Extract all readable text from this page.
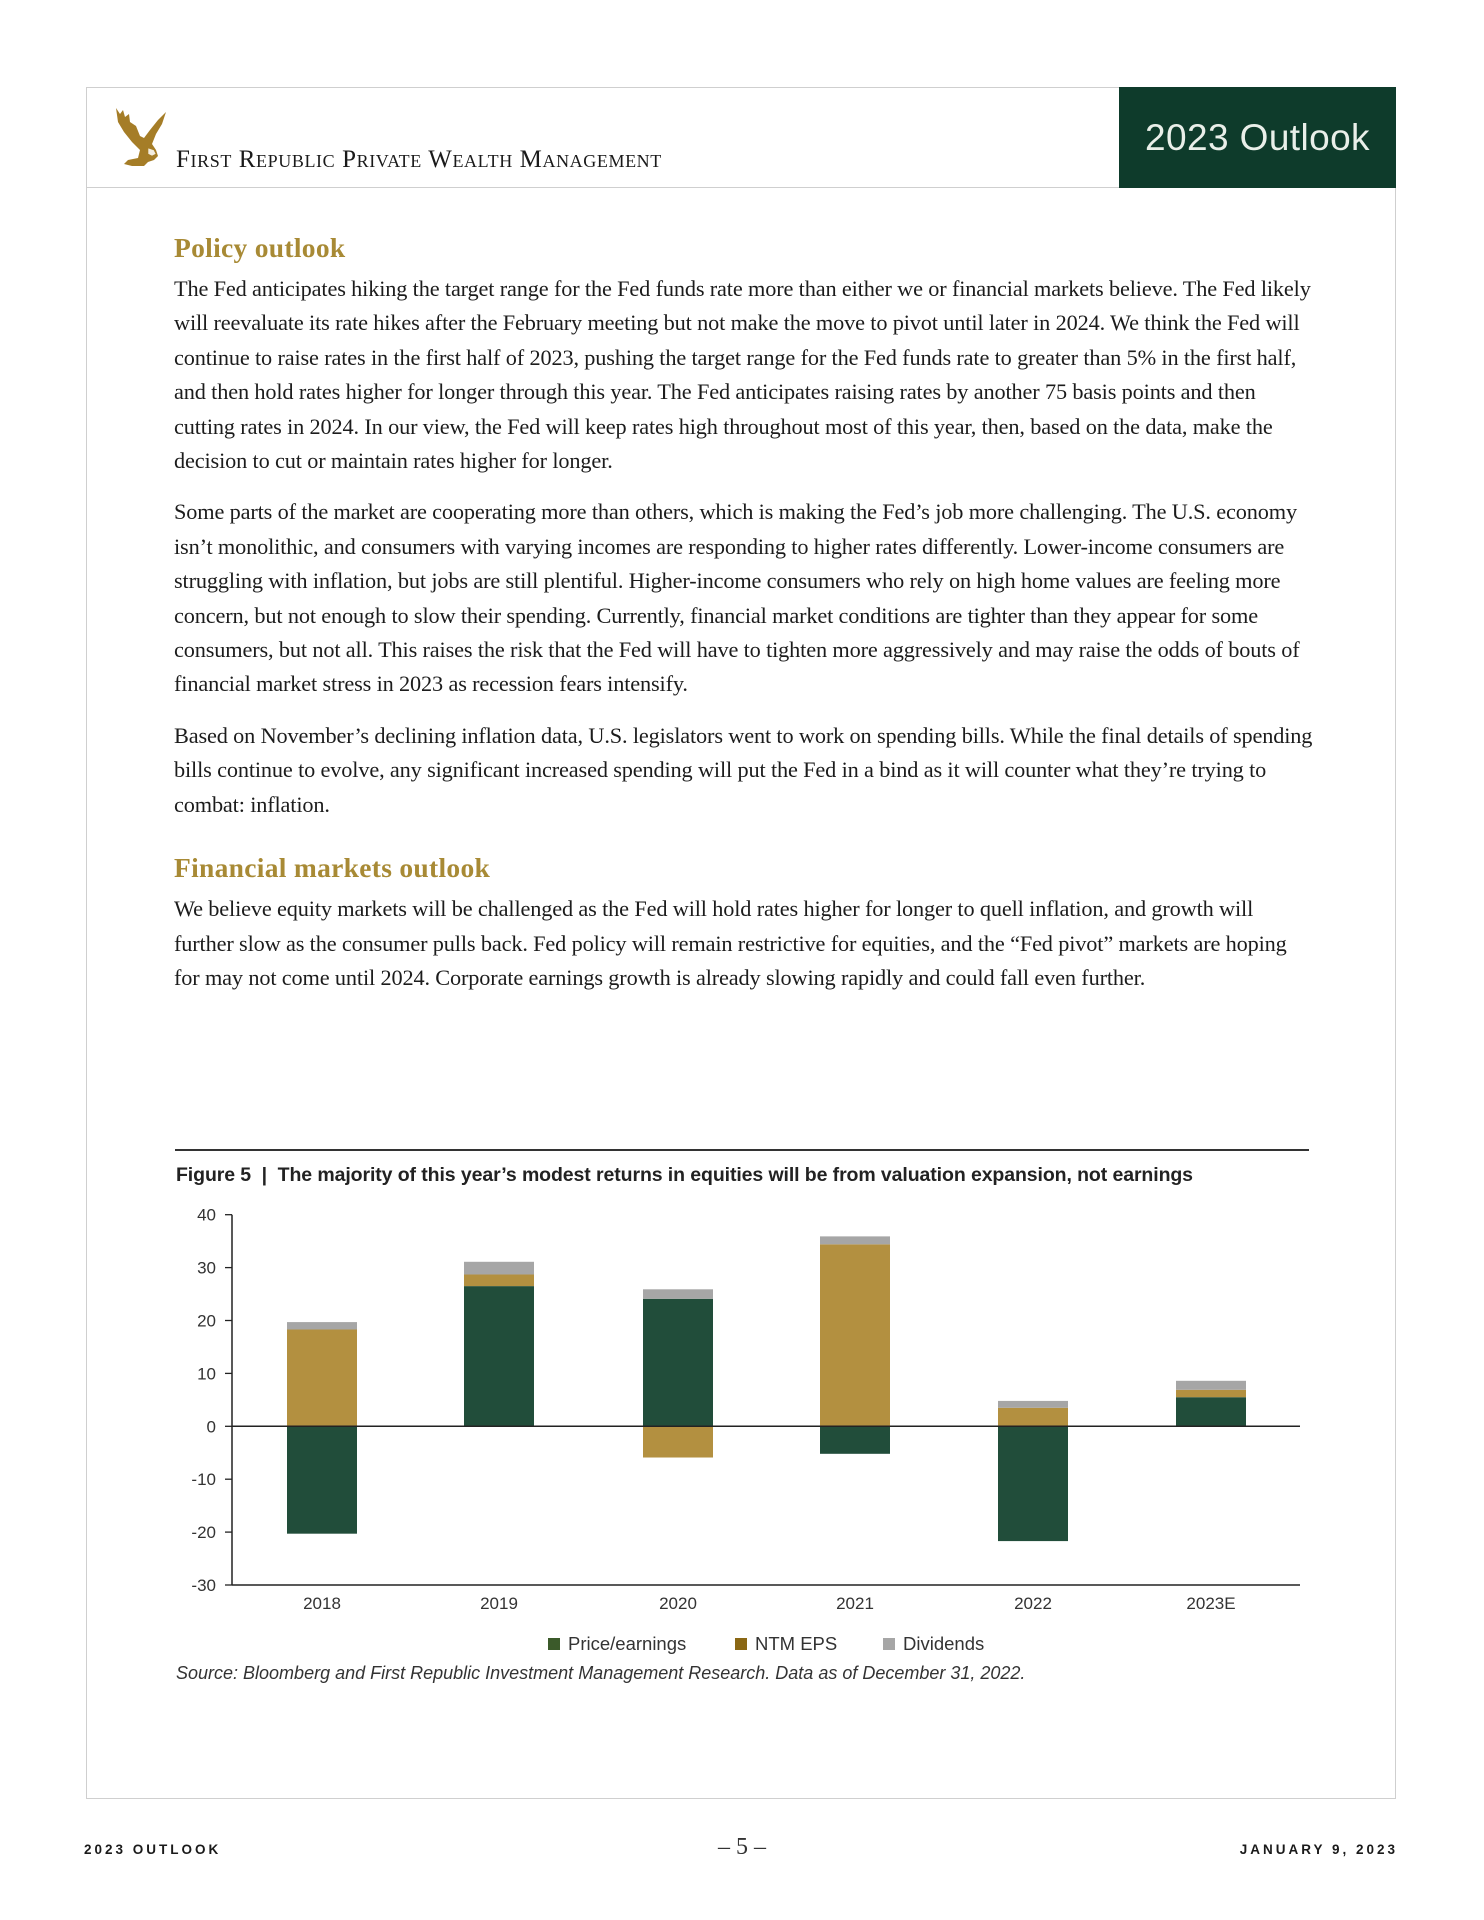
First Republic Private Wealth Management
2023 Outlook
Policy outlook

The Fed anticipates hiking the target range for the Fed funds rate more than either we or financial markets believe. The Fed likely will reevaluate its rate hikes after the February meeting but not make the move to pivot until later in 2024. We think the Fed will continue to raise rates in the first half of 2023, pushing the target range for the Fed funds rate to greater than 5% in the first half, and then hold rates higher for longer through this year. The Fed anticipates raising rates by another 75 basis points and then cutting rates in 2024. In our view, the Fed will keep rates high throughout most of this year, then, based on the data, make the decision to cut or maintain rates higher for longer.

Some parts of the market are cooperating more than others, which is making the Fed’s job more challenging. The U.S. economy isn’t monolithic, and consumers with varying incomes are responding to higher rates differently. Lower-income consumers are struggling with inflation, but jobs are still plentiful. Higher-income consumers who rely on high home values are feeling more concern, but not enough to slow their spending. Currently, financial market conditions are tighter than they appear for some consumers, but not all. This raises the risk that the Fed will have to tighten more aggressively and may raise the odds of bouts of financial market stress in 2023 as recession fears intensify.

Based on November’s declining inflation data, U.S. legislators went to work on spending bills. While the final details of spending bills continue to evolve, any significant increased spending will put the Fed in a bind as it will counter what they’re trying to combat: inflation.

Financial markets outlook

We believe equity markets will be challenged as the Fed will hold rates higher for longer to quell inflation, and growth will further slow as the consumer pulls back. Fed policy will remain restrictive for equities, and the “Fed pivot” markets are hoping for may not come until 2024. Corporate earnings growth is already slowing rapidly and could fall even further.

Figure 5  |  The majority of this year’s modest returns in equities will be from valuation expansion, not earnings
40
30
20
10
0
-10
-20
-30
2018	2019	2020	2021	2022	2023E
Price/earnings	NTM EPS	Dividends
Source: Bloomberg and First Republic Investment Management Research. Data as of December 31, 2022.
2023 OUTLOOK	– 5 –	JANUARY 9, 2023
